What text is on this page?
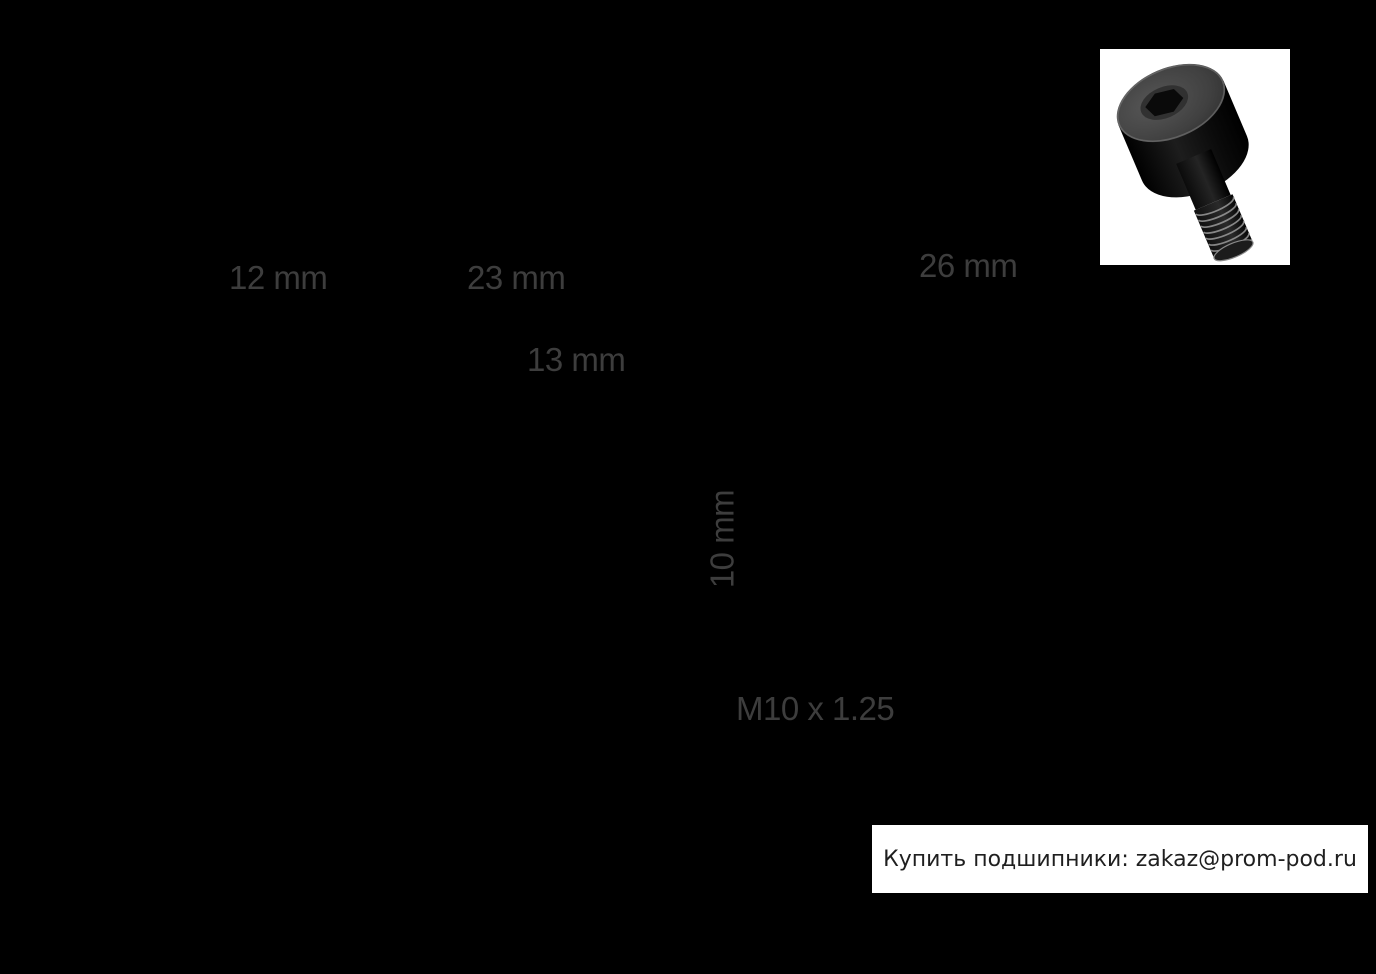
12 mm	23 mm
13 mm
26 mm
10 mm
M10 x 1.25
Купить подшипники: zakaz@prom-pod.ru
